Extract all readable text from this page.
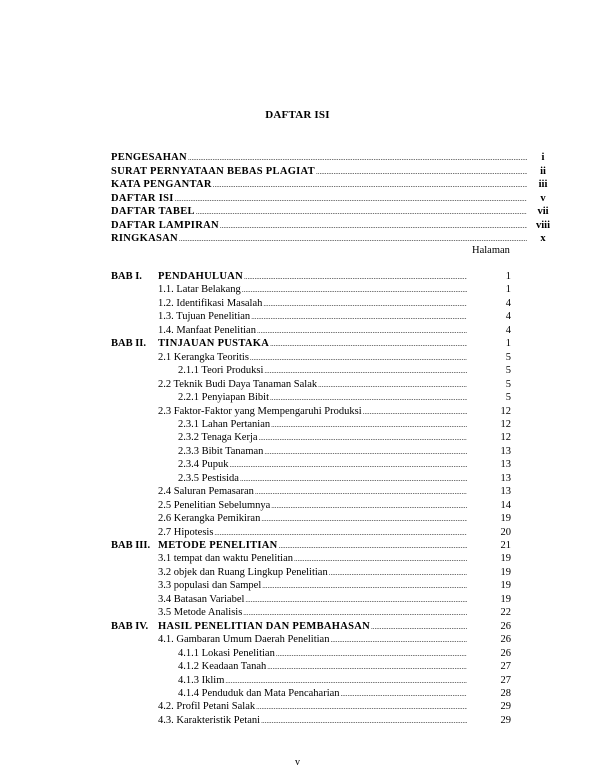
DAFTAR ISI
PENGESAHAN .....	i
SURAT PERNYATAAN BEBAS PLAGIAT .....	ii
KATA PENGANTAR .....	iii
DAFTAR ISI .....	v
DAFTAR TABEL .....	vii
DAFTAR LAMPIRAN .....	viii
RINGKASAN .....	x
Halaman
BAB I. PENDAHULUAN .....	1
1.1. Latar Belakang .....	1
1.2. Identifikasi Masalah .....	4
1.3. Tujuan Penelitian .....	4
1.4. Manfaat Penelitian .....	4
BAB II. TINJAUAN PUSTAKA .....	1
2.1 Kerangka Teoritis .....	5
2.1.1 Teori Produksi .....	5
2.2 Teknik Budi Daya Tanaman Salak .....	5
2.2.1 Penyiapan Bibit .....	5
2.3 Faktor-Faktor yang Mempengaruhi Produksi .....	12
2.3.1 Lahan Pertanian .....	12
2.3.2 Tenaga Kerja .....	12
2.3.3 Bibit Tanaman .....	13
2.3.4 Pupuk .....	13
2.3.5 Pestisida .....	13
2.4 Saluran Pemasaran .....	13
2.5 Penelitian Sebelumnya .....	14
2.6 Kerangka Pemikiran .....	19
2.7 Hipotesis .....	20
BAB III. METODE PENELITIAN .....	21
3.1 tempat dan waktu Penelitian .....	19
3.2 objek dan Ruang Lingkup Penelitian .....	19
3.3 populasi dan Sampel .....	19
3.4 Batasan Variabel .....	19
3.5 Metode Analisis .....	22
BAB IV. HASIL PENELITIAN DAN PEMBAHASAN .....	26
4.1. Gambaran Umum Daerah Penelitian .....	26
4.1.1 Lokasi Penelitian .....	26
4.1.2 Keadaan Tanah .....	27
4.1.3 Iklim .....	27
4.1.4 Penduduk dan Mata Pencaharian .....	28
4.2. Profil Petani Salak .....	29
4.3. Karakteristik Petani .....	29
v
